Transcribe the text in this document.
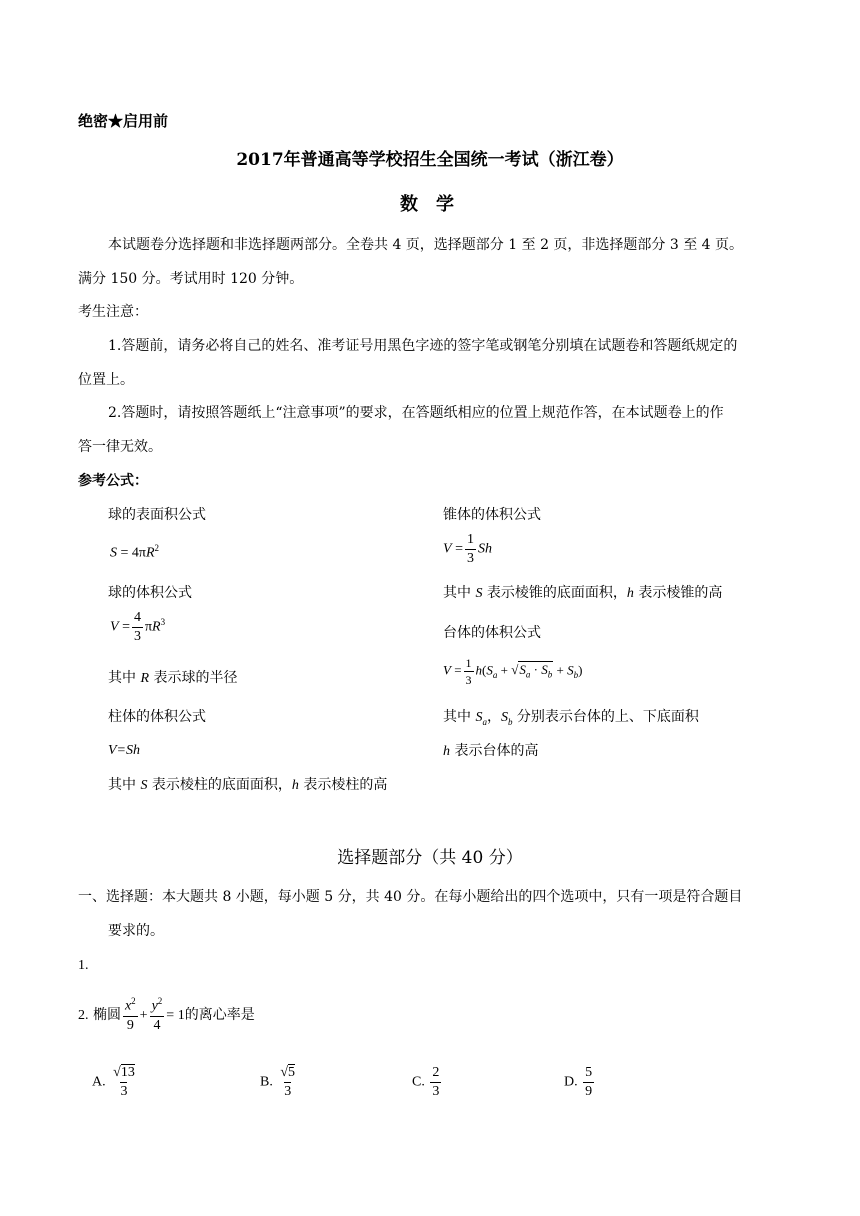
绝密★启用前
2017年普通高等学校招生全国统一考试（浙江卷）
数学
本试题卷分选择题和非选择题两部分。全卷共 4 页，选择题部分 1 至 2 页，非选择题部分 3 至 4 页。
满分 150 分。考试用时 120 分钟。
考生注意：
1.答题前，请务必将自己的姓名、准考证号用黑色字迹的签字笔或钢笔分别填在试题卷和答题纸规定的
位置上。
2.答题时，请按照答题纸上“注意事项”的要求，在答题纸相应的位置上规范作答，在本试题卷上的作
答一律无效。
参考公式：
球的表面积公式
$S = 4\pi R^2$
球的体积公式
$V = \frac{4}{3} \pi R^3$
其中 R 表示球的半径
柱体的体积公式
V=Sh
其中 S 表示棱柱的底面面积，h 表示棱柱的高
锥体的体积公式
$V = \frac{1}{3}$ Sh
其中 S 表示棱锥的底面面积，h 表示棱锥的高
台体的体积公式
$V = \frac{1}{3} h(S_a + √S_a \cdot S_b + S_b)$
其中 $S_a$，$S_b$ 分别表示台体的上、下底面积
h 表示台体的高
选择题部分（共 40 分）
一、选择题：本大题共 8 小题，每小题 5 分，共 40 分。在每小题给出的四个选项中，只有一项是符合题目
要求的。
1.
2. 椭圆 $\frac{x^2}{9} + \frac{y^2}{4} = 1$的离心率是
A. $\frac{√13}{3}$	B. $\frac{√5}{3}$	C. $\frac{2}{3}$	D. $\frac{5}{9}$
